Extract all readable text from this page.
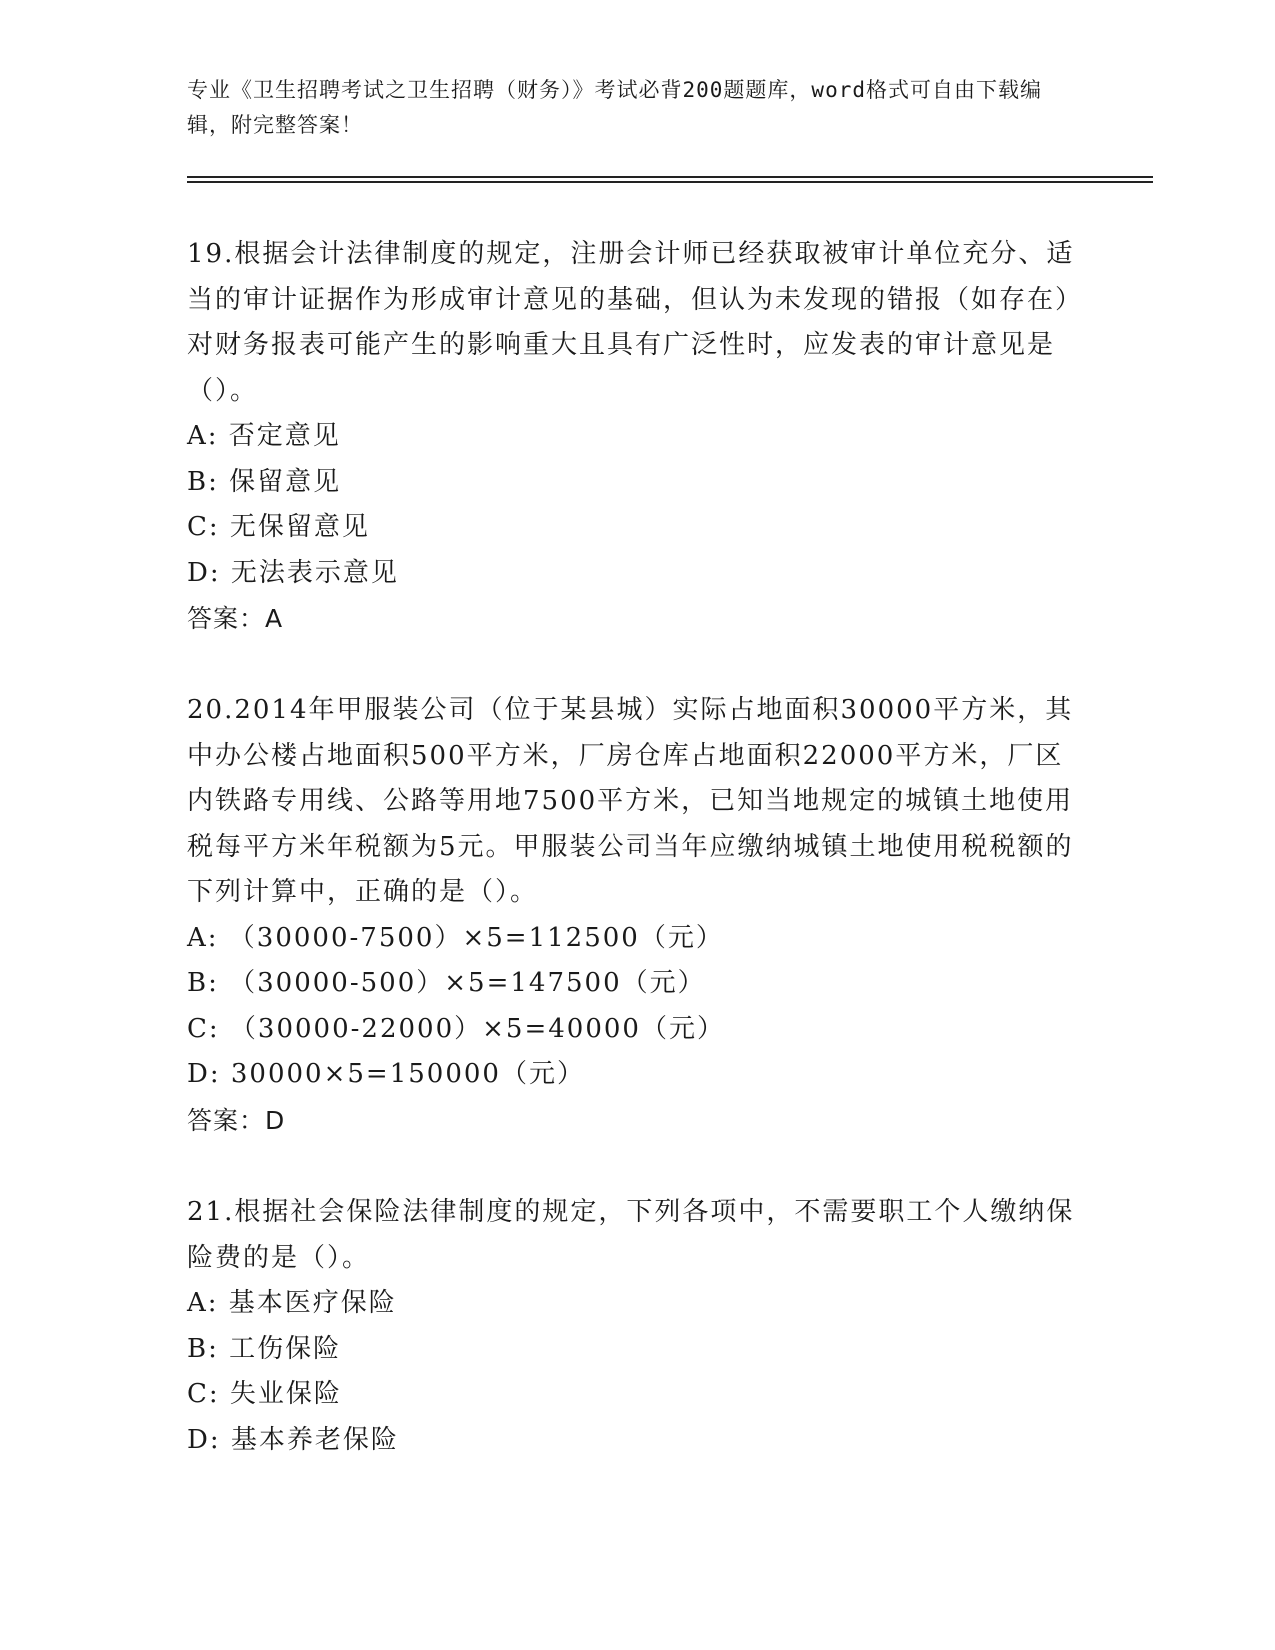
专业《卫生招聘考试之卫生招聘（财务）》考试必背200题题库，word格式可自由下载编辑，附完整答案！

19.根据会计法律制度的规定，注册会计师已经获取被审计单位充分、适当的审计证据作为形成审计意见的基础，但认为未发现的错报（如存在）对财务报表可能产生的影响重大且具有广泛性时，应发表的审计意见是（）。

A: 否定意见

B: 保留意见

C: 无保留意见

D: 无法表示意见

答案：A

20.2014年甲服装公司（位于某县城）实际占地面积30000平方米，其中办公楼占地面积500平方米，厂房仓库占地面积22000平方米，厂区内铁路专用线、公路等用地7500平方米，已知当地规定的城镇土地使用税每平方米年税额为5元。甲服装公司当年应缴纳城镇土地使用税税额的下列计算中，正确的是（）。

A: （30000-7500）×5=112500（元）

B: （30000-500）×5=147500（元）

C: （30000-22000）×5=40000（元）

D: 30000×5=150000（元）

答案：D

21.根据社会保险法律制度的规定，下列各项中，不需要职工个人缴纳保险费的是（）。

A: 基本医疗保险

B: 工伤保险

C: 失业保险

D: 基本养老保险
